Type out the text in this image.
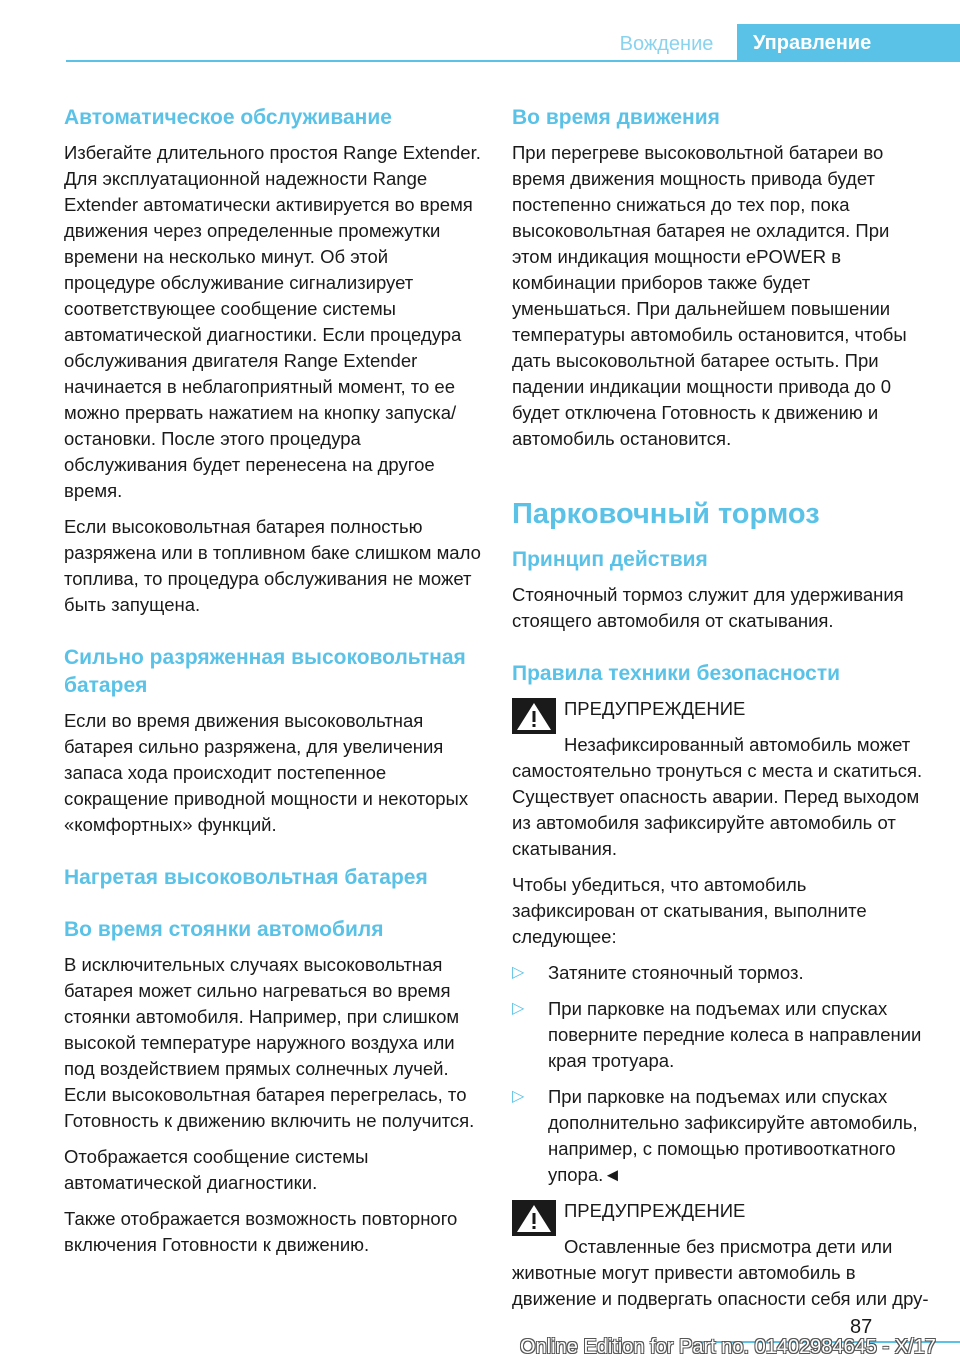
Вождение	Управление
Автоматическое обслуживание

Избегайте длительного простоя Range Extender. Для эксплуатационной надежности Range Extender автоматически активируется во время движения через определенные промежутки времени на несколько минут. Об этой процедуре обслуживание сигнализирует соответствующее сообщение системы автоматической диагностики. Если процедура обслуживания двигателя Range Extender начинается в неблагоприятный момент, то ее можно прервать нажатием на кнопку запуска/остановки. После этого процедура обслуживания будет перенесена на другое время.

Если высоковольтная батарея полностью разряжена или в топливном баке слишком мало топлива, то процедура обслуживания не может быть запущена.

Сильно разряженная высоковольтная батарея

Если во время движения высоковольтная батарея сильно разряжена, для увеличения запаса хода происходит постепенное сокращение приводной мощности и некоторых «комфортных» функций.

Нагретая высоковольтная батарея
Во время стоянки автомобиля

В исключительных случаях высоковольтная батарея может сильно нагреваться во время стоянки автомобиля. Например, при слишком высокой температуре наружного воздуха или под воздействием прямых солнечных лучей. Если высоковольтная батарея перегрелась, то Готовность к движению включить не получится.

Отображается сообщение системы автоматической диагностики.

Также отображается возможность повторного включения Готовности к движению.

Во время движения

При перегреве высоковольтной батареи во время движения мощность привода будет постепенно снижаться до тех пор, пока высоковольтная батарея не охладится. При этом индикация мощности ePOWER в комбинации приборов также будет уменьшаться. При дальнейшем повышении температуры автомобиль остановится, чтобы дать высоковольтной батарее остыть. При падении индикации мощности привода до 0 будет отключена Готовность к движению и автомобиль остановится.

Парковочный тормоз
Принцип действия

Стояночный тормоз служит для удерживания стоящего автомобиля от скатывания.

Правила техники безопасности

ПРЕДУПРЕЖДЕНИЕ

Незафиксированный автомобиль может самостоятельно тронуться с места и скатиться. Существует опасность аварии. Перед выходом из автомобиля зафиксируйте автомобиль от скатывания.

Чтобы убедиться, что автомобиль зафиксирован от скатывания, выполните следующее:

▷ Затяните стояночный тормоз.
▷ При парковке на подъемах или спусках поверните передние колеса в направлении края тротуара.
▷ При парковке на подъемах или спусках дополнительно зафиксируйте автомобиль, например, с помощью противооткатного упора.◄

ПРЕДУПРЕЖДЕНИЕ

Оставленные без присмотра дети или животные могут привести автомобиль в движение и подвергать опасности себя или дру-

87
Online Edition for Part no. 01402984645 - X/17
